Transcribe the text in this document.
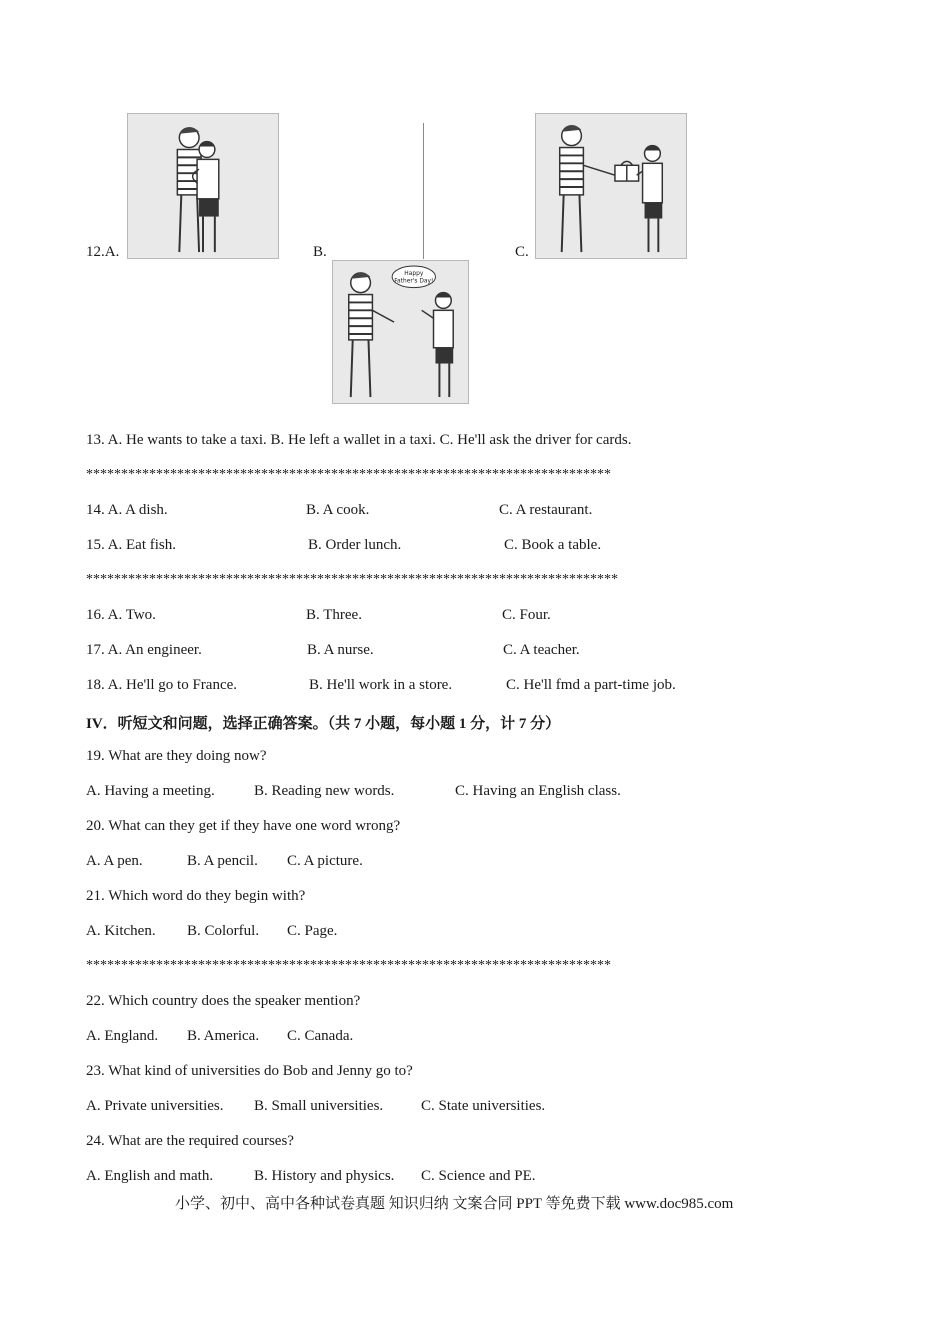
12.A.	B.
Happy
Father's Day!
C.
13. A. He wants to take a taxi. B. He left a wallet in a taxi. C. He'll ask the driver for cards.
***************************************************************************
14. A. A dish.	B. A cook.	C. A restaurant.
15. A. Eat fish.	B. Order lunch.	C. Book a table.
****************************************************************************
16. A. Two.	B. Three.	C. Four.
17. A. An engineer.	B. A nurse.	C. A teacher.
18. A. He'll go to France.	B. He'll work in a store.	C. He'll fmd a part-time job.
IV．听短文和问题，选择正确答案。（共 7 小题，每小题 1 分，计 7 分）
19. What are they doing now?
A. Having a meeting.	B. Reading new words.	C. Having an English class.
20. What can they get if they have one word wrong?
A. A pen.	B. A pencil. C. A picture.
21. Which word do they begin with?
A. Kitchen. B. Colorful. C. Page.
***************************************************************************
22. Which country does the speaker mention?
A. England. B. America. C. Canada.
23. What kind of universities do Bob and Jenny go to?
A. Private universities. B. Small universities.	C. State universities.
24. What are the required courses?
A. English and math.	B. History and physics. C. Science and PE.
小学、初中、高中各种试卷真题 知识归纳 文案合同 PPT 等免费下载 www.doc985.com
